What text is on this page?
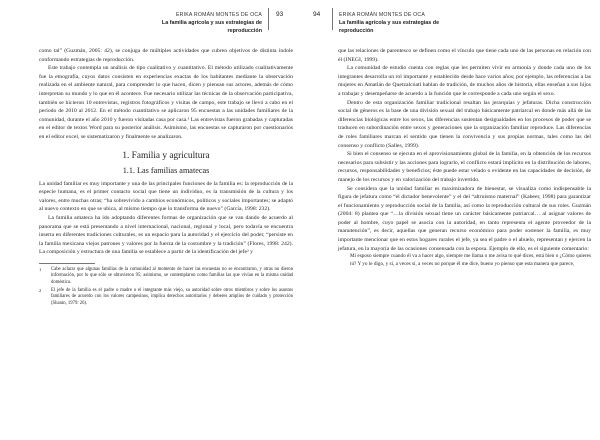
ERIKA ROMÁN MONTES DE OCA
La familia agrícola y sus estrategias de reproducción
93	94	ERIKA ROMÁN MONTES DE OCA
La familia agrícola y sus estrategias de reproducción

como tal” (Guzmán, 2005: 42), se conjuga de múltiples actividades que cubren objetivos de distinta índole conformando estrategias de reproducción.

Este trabajo contempla un análisis de tipo cualitativo y cuantitativo. El método utilizado cualitativamente fue la etnografía, cuyos datos consisten en experiencias exactas de los habitantes mediante la observación realizada en el ambiente natural, para comprender lo que hacen, dicen y piensan sus actores, además de cómo interpretan su mundo y lo que en él acontece. Fue necesario utilizar las técnicas de la observación participativa, también se hicieron 10 entrevistas, registros fotográficos y visitas de campo, este trabajo se llevó a cabo en el periodo de 2010 al 2012. En el método cuantitativo se aplicaron 95 encuestas a las unidades familiares de la comunidad, durante el año 2010 y fueron visitadas casa por casa.¹ Las entrevistas fueron grabadas y capturadas en el editor de textos Word para su posterior análisis. Asimismo, las encuestas se capturaron por cuestionarios en el editor excel, se sistematizaron y finalmente se analizaron.

1. Familia y agricultura
1.1. Las familias amatecas

La unidad familiar es muy importante y una de las principales funciones de la familia es: la reproducción de la especie humana, es el primer contacto social que tiene un individuo, es la transmisión de la cultura y los valores, entre muchas otras; “ha sobrevivido a cambios económicos, políticos y sociales importantes; se adaptó al nuevo contexto en que se ubica, al mismo tiempo que lo transforma de nuevo” (García, 1998: 232).

La familia amateca ha ido adoptando diferentes formas de organización que se van dando de acuerdo al panorama que se está presentando a nivel internacional, nacional, regional y local, pero todavía se encuentra inserta en diferentes tradiciones culturales, es un espacio para la autoridad y el ejercicio del poder, “persiste en la familia mexicana viejos patrones y valores por la fuerza de la costumbre y la tradición” (Flores, 1998: 242). La composición y estructura de una familia se establece a partir de la identificación del jefe² y

1	Cabe aclarar que algunas familias de la comunidad al momento de hacer las encuestas no se encontraron, y otras no dieron información, por lo que sólo se obtuvieron 95; asimismo, se contemplaron como familias las que vivían en la misma unidad doméstica.
2	El jefe de la familia es el padre o madre o el integrante más viejo, su autoridad sobre otros miembros y sobre los asuntos familiares de acuerdo con los valores campesinos, implica derechos autoritarios y deberes amplios de cuidado y protección (Shanin, 1979: 26).

que las relaciones de parentesco se definen como el vínculo que tiene cada uno de las personas en relación con él (INEGI, 1999).

La comunidad de estudio cuenta con reglas que les permiten vivir en armonía y donde cada uno de los integrantes desarrolla un rol importante y establecido desde hace varios años; por ejemplo, las referencias a las mujeres en Amatlán de Quetzalcóatl hablan de tradición, de muchos años de historia, ellas enseñan a sus hijos a trabajar y desempeñarse de acuerdo a la función que le corresponde a cada uno según el sexo.

Dentro de esta organización familiar tradicional resaltan las jerarquías y jefaturas. Dicha construcción social de géneros es la base de una división sexual del trabajo básicamente patriarcal en donde más allá de las diferencias biológicas entre los sexos, las diferencias sustentan desigualdades en los procesos de poder que se traducen en subordinación entre sexos y generaciones que la organización familiar reproduce. Las diferencias de roles familiares marcan el sentido que tienen la convivencia y sus propias normas, tales como las del consenso y conflicto (Salles, 1999).

Si bien el consenso se ejecuta en el aprovisionamiento global de la familia, en la obtención de los recursos necesarios para subsistir y las acciones para lograrlo, el conflicto estará implícito en la distribución de labores, recursos, responsabilidades y beneficios; éste puede estar velado o evidente en las capacidades de decisión, de manejo de los recursos y en valorización del trabajo invertido.

Se considera que la unidad familiar es maximizadora de bienestar, se visualiza como indispensable la figura de jefatura como “el dictador benevolente” y el del “altruismo maternal” (Kabeer, 1998) para garantizar el funcionamiento y reproducción social de la familia, así como la reproducción cultural de sus roles. Guzmán (2004: 8) plantea que “…la división sexual tiene un carácter básicamente patriarcal… al asignar valores de poder al hombre, cuyo papel se asocia con la autoridad, en tanto representa el agente proveedor de la manutención”, es decir, aquellas que generan recurso económico para poder sostener la familia, es muy importante mencionar que en estos hogares rurales el jefe, ya sea el padre o el abuelo, representan y ejercen la jefatura, en la mayoría de las ocasiones consensada con la esposa. Ejemplo de ello, es el siguiente comentario:

Mi esposo siempre cuando él va a hacer algo, siempre me llama o me avisa to qué dices, está bien o ¿Cómo quieres tú? Y yo le digo, y sí, a veces sí, a veces no porque él me dice, bueno yo pienso que esta manera que parece,
